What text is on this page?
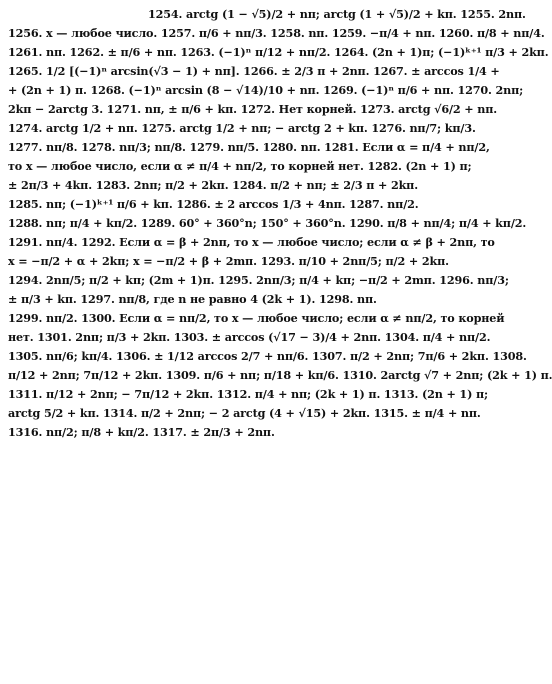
1254. arctg (1 − √5)/2 + nπ; arctg (1 + √5)/2 + kπ. 1255. 2nπ.
1256. x — любое число. 1257. π/6 + nπ/3. 1258. nπ. 1259. −π/4 + nπ. 1260. π/8 + nπ/4.
1261. nπ. 1262. ± π/6 + nπ. 1263. (−1)ⁿ π/12 + nπ/2. 1264. (2n + 1)π; (−1)ᵏ⁺¹ π/3 + 2kπ.
1265. 1/2 [(−1)ⁿ arcsin(√3 − 1) + nπ]. 1266. ± 2/3 π + 2nπ. 1267. ± arccos 1/4 +
+ (2n + 1) π. 1268. (−1)ⁿ arcsin (8 − √14)/10 + nπ. 1269. (−1)ⁿ π/6 + nπ. 1270. 2nπ;
2kπ − 2arctg 3. 1271. nπ, ± π/6 + kπ. 1272. Нет корней. 1273. arctg √6/2 + nπ.
1274. arctg 1/2 + nπ. 1275. arctg 1/2 + nπ; − arctg 2 + kπ. 1276. nπ/7; kπ/3.
1277. nπ/8. 1278. nπ/3; nπ/8. 1279. nπ/5. 1280. nπ. 1281. Если α = π/4 + nπ/2,
то x — любое число, если α ≠ π/4 + nπ/2, то корней нет. 1282. (2n + 1) π;
± 2π/3 + 4kπ. 1283. 2nπ; π/2 + 2kπ. 1284. π/2 + nπ; ± 2/3 π + 2kπ.
1285. nπ; (−1)ᵏ⁺¹ π/6 + kπ. 1286. ± 2 arccos 1/3 + 4nπ. 1287. nπ/2.
1288. nπ; π/4 + kπ/2. 1289. 60° + 360°n; 150° + 360°n. 1290. π/8 + nπ/4; π/4 + kπ/2.
1291. nπ/4. 1292. Если α = β + 2nπ, то x — любое число; если α ≠ β + 2nπ, то
x = −π/2 + α + 2kπ; x = −π/2 + β + 2mπ. 1293. π/10 + 2nπ/5; π/2 + 2kπ.
1294. 2nπ/5; π/2 + kπ; (2m + 1)π. 1295. 2nπ/3; π/4 + kπ; −π/2 + 2mπ. 1296. nπ/3;
± π/3 + kπ. 1297. nπ/8, где n не равно 4 (2k + 1). 1298. nπ.
1299. nπ/2. 1300. Если α = nπ/2, то x — любое число; если α ≠ nπ/2, то корней
нет. 1301. 2nπ; π/3 + 2kπ. 1303. ± arccos (√17 − 3)/4 + 2nπ. 1304. π/4 + nπ/2.
1305. nπ/6; kπ/4. 1306. ± 1/12 arccos 2/7 + nπ/6. 1307. π/2 + 2nπ; 7π/6 + 2kπ. 1308.
π/12 + 2nπ; 7π/12 + 2kπ. 1309. π/6 + nπ; π/18 + kπ/6. 1310. 2arctg √7 + 2nπ; (2k + 1) π.
1311. π/12 + 2nπ; − 7π/12 + 2kπ. 1312. π/4 + nπ; (2k + 1) π. 1313. (2n + 1) π;
arctg 5/2 + kπ. 1314. π/2 + 2nπ; − 2 arctg (4 + √15) + 2kπ. 1315. ± π/4 + nπ.
1316. nπ/2; π/8 + kπ/2. 1317. ± 2π/3 + 2nπ.
